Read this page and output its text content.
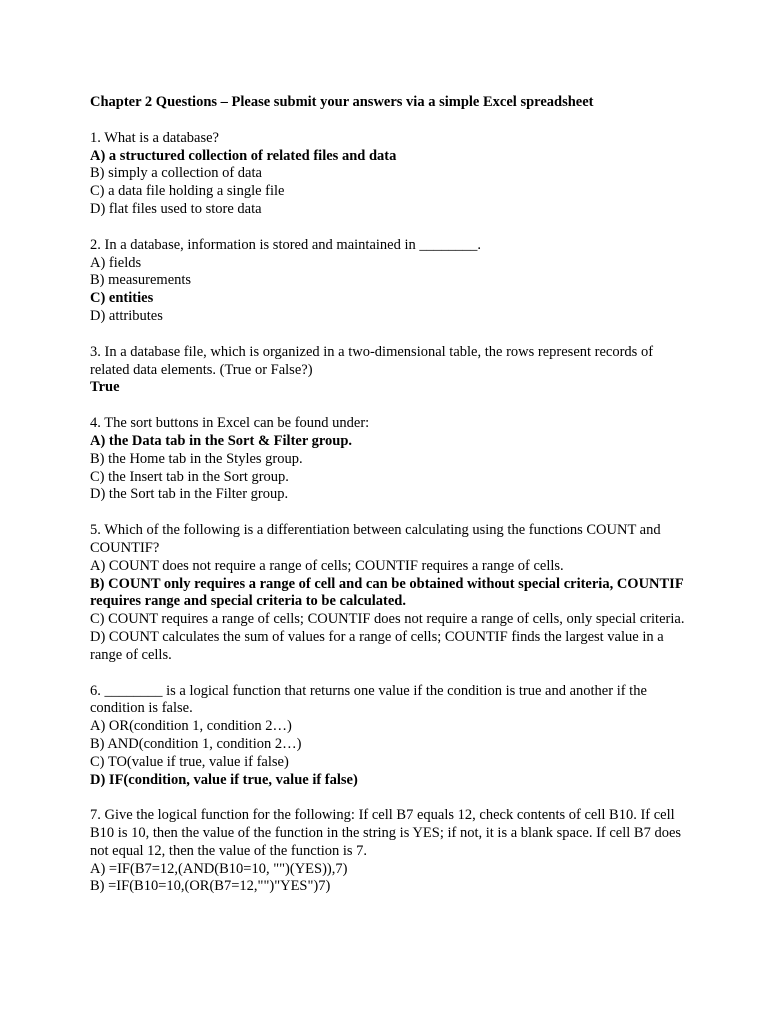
Chapter 2 Questions – Please submit your answers via a simple Excel spreadsheet

1. What is a database?

A) a structured collection of related files and data

B) simply a collection of data

C) a data file holding a single file

D) flat files used to store data

2. In a database, information is stored and maintained in ________.

A) fields

B) measurements

C) entities

D) attributes

3. In a database file, which is organized in a two-dimensional table, the rows represent records of related data elements. (True or False?)

True

4. The sort buttons in Excel can be found under:

A) the Data tab in the Sort & Filter group.

B) the Home tab in the Styles group.

C) the Insert tab in the Sort group.

D) the Sort tab in the Filter group.

5. Which of the following is a differentiation between calculating using the functions COUNT and COUNTIF?

A) COUNT does not require a range of cells; COUNTIF requires a range of cells.

B) COUNT only requires a range of cell and can be obtained without special criteria, COUNTIF requires range and special criteria to be calculated.

C) COUNT requires a range of cells; COUNTIF does not require a range of cells, only special criteria.

D) COUNT calculates the sum of values for a range of cells; COUNTIF finds the largest value in a range of cells.

6. ________ is a logical function that returns one value if the condition is true and another if the condition is false.

A) OR(condition 1, condition 2…)

B) AND(condition 1, condition 2…)

C) TO(value if true, value if false)

D) IF(condition, value if true, value if false)

7. Give the logical function for the following: If cell B7 equals 12, check contents of cell B10. If cell B10 is 10, then the value of the function in the string is YES; if not, it is a blank space. If cell B7 does not equal 12, then the value of the function is 7.

A) =IF(B7=12,(AND(B10=10, "")(YES)),7)

B) =IF(B10=10,(OR(B7=12,"")"YES")7)
